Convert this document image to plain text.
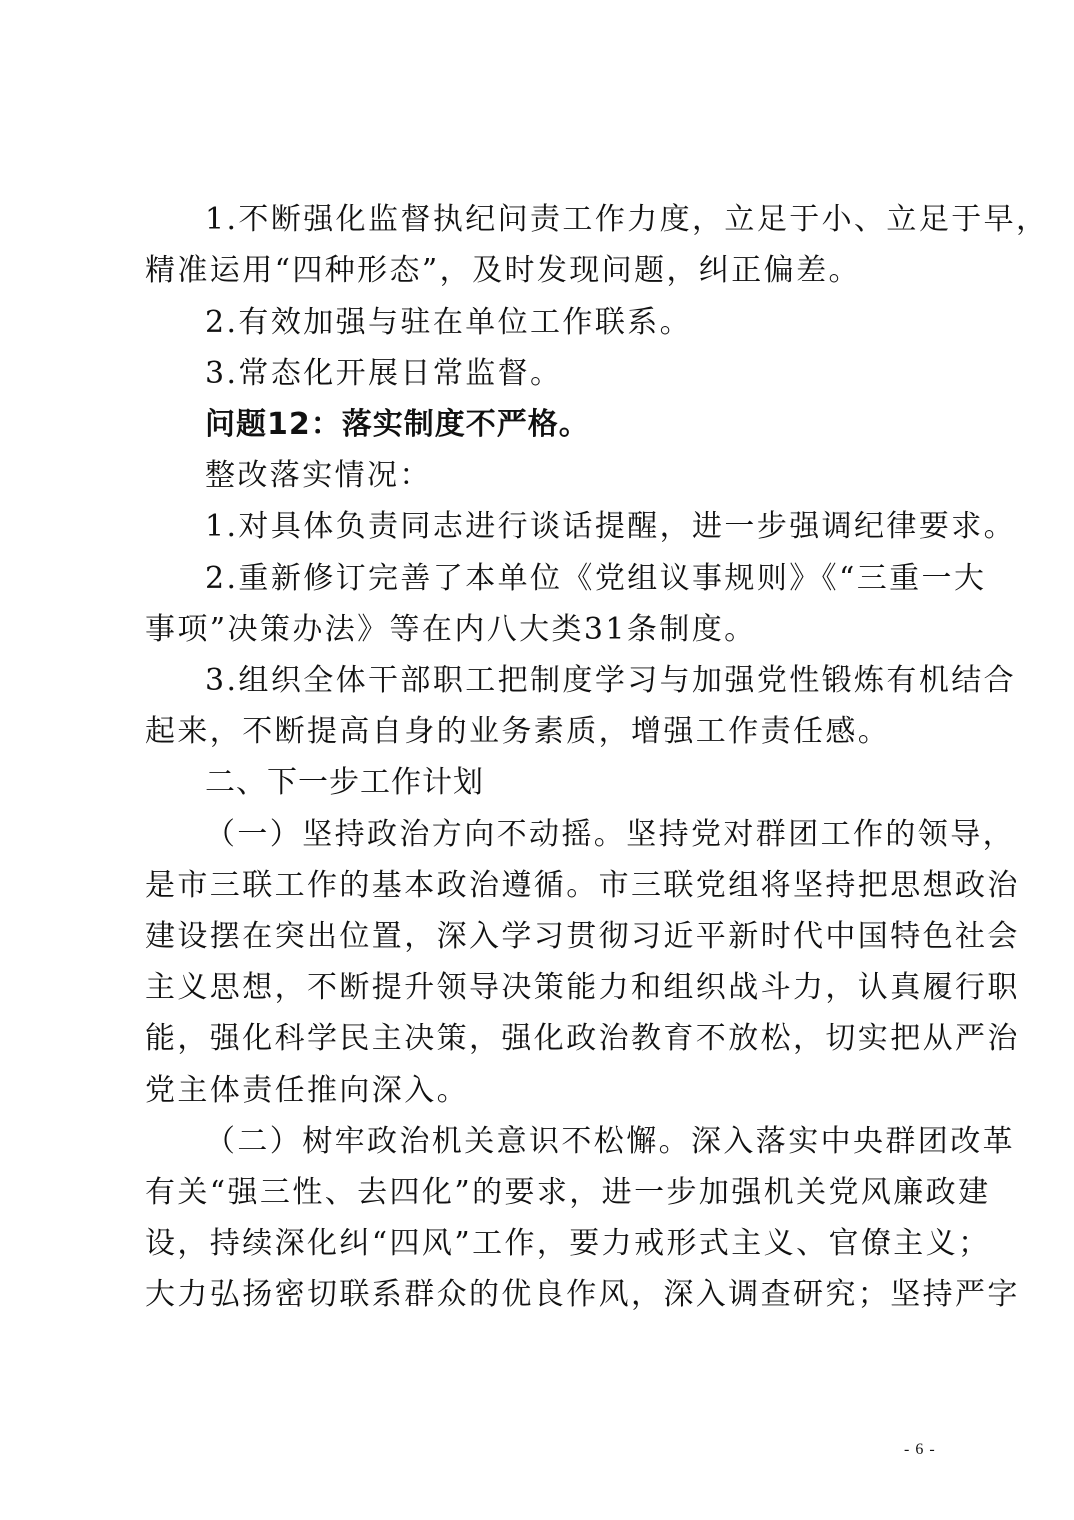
1.不断强化监督执纪问责工作力度，立足于小、立足于早，
精准运用“四种形态”，及时发现问题，纠正偏差。
2.有效加强与驻在单位工作联系。
3.常态化开展日常监督。
问题12：落实制度不严格。
整改落实情况：
1.对具体负责同志进行谈话提醒，进一步强调纪律要求。
2.重新修订完善了本单位《党组议事规则》《“三重一大
事项”决策办法》等在内八大类31条制度。
3.组织全体干部职工把制度学习与加强党性锻炼有机结合
起来，不断提高自身的业务素质，增强工作责任感。
二、下一步工作计划
（一）坚持政治方向不动摇。坚持党对群团工作的领导，
是市三联工作的基本政治遵循。市三联党组将坚持把思想政治
建设摆在突出位置，深入学习贯彻习近平新时代中国特色社会
主义思想，不断提升领导决策能力和组织战斗力，认真履行职
能，强化科学民主决策，强化政治教育不放松，切实把从严治
党主体责任推向深入。
（二）树牢政治机关意识不松懈。深入落实中央群团改革
有关“强三性、去四化”的要求，进一步加强机关党风廉政建
设，持续深化纠“四风”工作，要力戒形式主义、官僚主义；
大力弘扬密切联系群众的优良作风，深入调查研究；坚持严字
- 6 -
